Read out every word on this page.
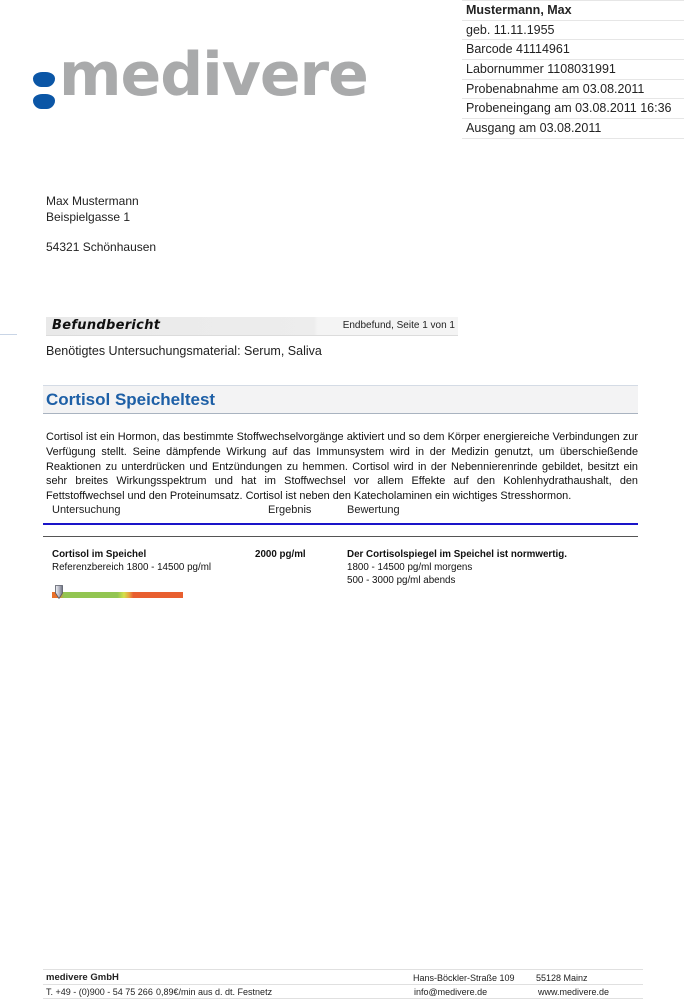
medivere
Mustermann, Max
geb. 11.11.1955
Barcode 41114961
Labornummer 1108031991
Probenabnahme am 03.08.2011
Probeneingang am 03.08.2011 16:36
Ausgang am 03.08.2011
Max Mustermann
Beispielgasse 1
54321 Schönhausen
Befundbericht	Endbefund, Seite 1 von 1
Benötigtes Untersuchungsmaterial: Serum, Saliva
Cortisol Speicheltest
Cortisol ist ein Hormon, das bestimmte Stoffwechselvorgänge aktiviert und so dem Körper energiereiche Verbindungen zur Verfügung stellt. Seine dämpfende Wirkung auf das Immunsystem wird in der Medizin genutzt, um überschießende Reaktionen zu unterdrücken und Entzündungen zu hemmen. Cortisol wird in der Nebennierenrinde gebildet, besitzt ein sehr breites Wirkungsspektrum und hat im Stoffwechsel vor allem Effekte auf den Kohlenhydrathaushalt, den Fettstoffwechsel und den Proteinumsatz. Cortisol ist neben den Katecholaminen ein wichtiges Stresshormon.
Untersuchung	Ergebnis	Bewertung
Cortisol im Speichel
Referenzbereich 1800 - 14500 pg/ml
2000 pg/ml	Der Cortisolspiegel im Speichel ist normwertig.
1800 - 14500 pg/ml morgens
500 - 3000 pg/ml abends
medivere GmbH	Hans-Böckler-Straße 109 55128 Mainz
T. +49 - (0)900 - 54 75 266 0,89€/min aus d. dt. Festnetz	info@medivere.de	www.medivere.de
